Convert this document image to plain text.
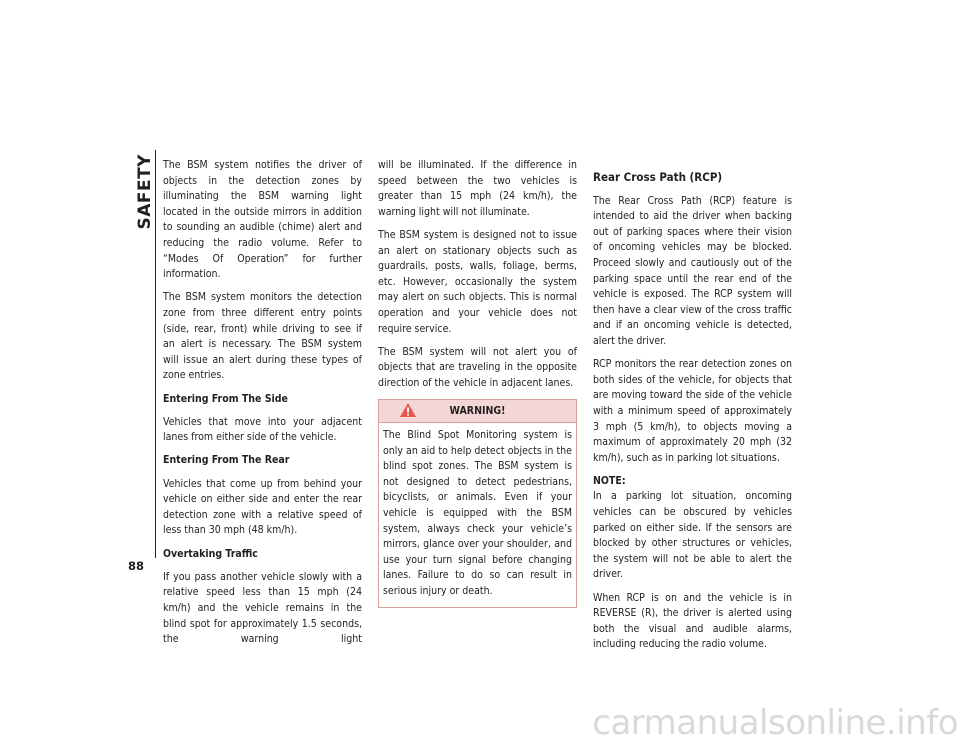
SAFETY
88

The BSM system notifies the driver of objects in the detection zones by illuminating the BSM warning light located in the outside mirrors in addition to sounding an audible (chime) alert and reducing the radio volume. Refer to “Modes Of Operation” for further information.

The BSM system monitors the detection zone from three different entry points (side, rear, front) while driving to see if an alert is necessary. The BSM system will issue an alert during these types of zone entries.

Entering From The Side

Vehicles that move into your adjacent lanes from either side of the vehicle.

Entering From The Rear

Vehicles that come up from behind your vehicle on either side and enter the rear detection zone with a relative speed of less than 30 mph (48 km/h).

Overtaking Traffic

If you pass another vehicle slowly with a relative speed less than 15 mph (24 km/h) and the vehicle remains in the blind spot for approximately 1.5 seconds, the warning light

will be illuminated. If the difference in speed between the two vehicles is greater than 15 mph (24 km/h), the warning light will not illuminate.

The BSM system is designed not to issue an alert on stationary objects such as guardrails, posts, walls, foliage, berms, etc. However, occasionally the system may alert on such objects. This is normal operation and your vehicle does not require service.

The BSM system will not alert you of objects that are traveling in the opposite direction of the vehicle in adjacent lanes.

WARNING!

The Blind Spot Monitoring system is only an aid to help detect objects in the blind spot zones. The BSM system is not designed to detect pedestrians, bicyclists, or animals. Even if your vehicle is equipped with the BSM system, always check your vehicle’s mirrors, glance over your shoulder, and use your turn signal before changing lanes. Failure to do so can result in serious injury or death.

Rear Cross Path (RCP)

The Rear Cross Path (RCP) feature is intended to aid the driver when backing out of parking spaces where their vision of oncoming vehicles may be blocked. Proceed slowly and cautiously out of the parking space until the rear end of the vehicle is exposed. The RCP system will then have a clear view of the cross traffic and if an oncoming vehicle is detected, alert the driver.

RCP monitors the rear detection zones on both sides of the vehicle, for objects that are moving toward the side of the vehicle with a minimum speed of approximately 3 mph (5 km/h), to objects moving a maximum of approximately 20 mph (32 km/h), such as in parking lot situations.

NOTE:

In a parking lot situation, oncoming vehicles can be obscured by vehicles parked on either side. If the sensors are blocked by other structures or vehicles, the system will not be able to alert the driver.

When RCP is on and the vehicle is in REVERSE (R), the driver is alerted using both the visual and audible alarms, including reducing the radio volume.

carmanualsonline.info
